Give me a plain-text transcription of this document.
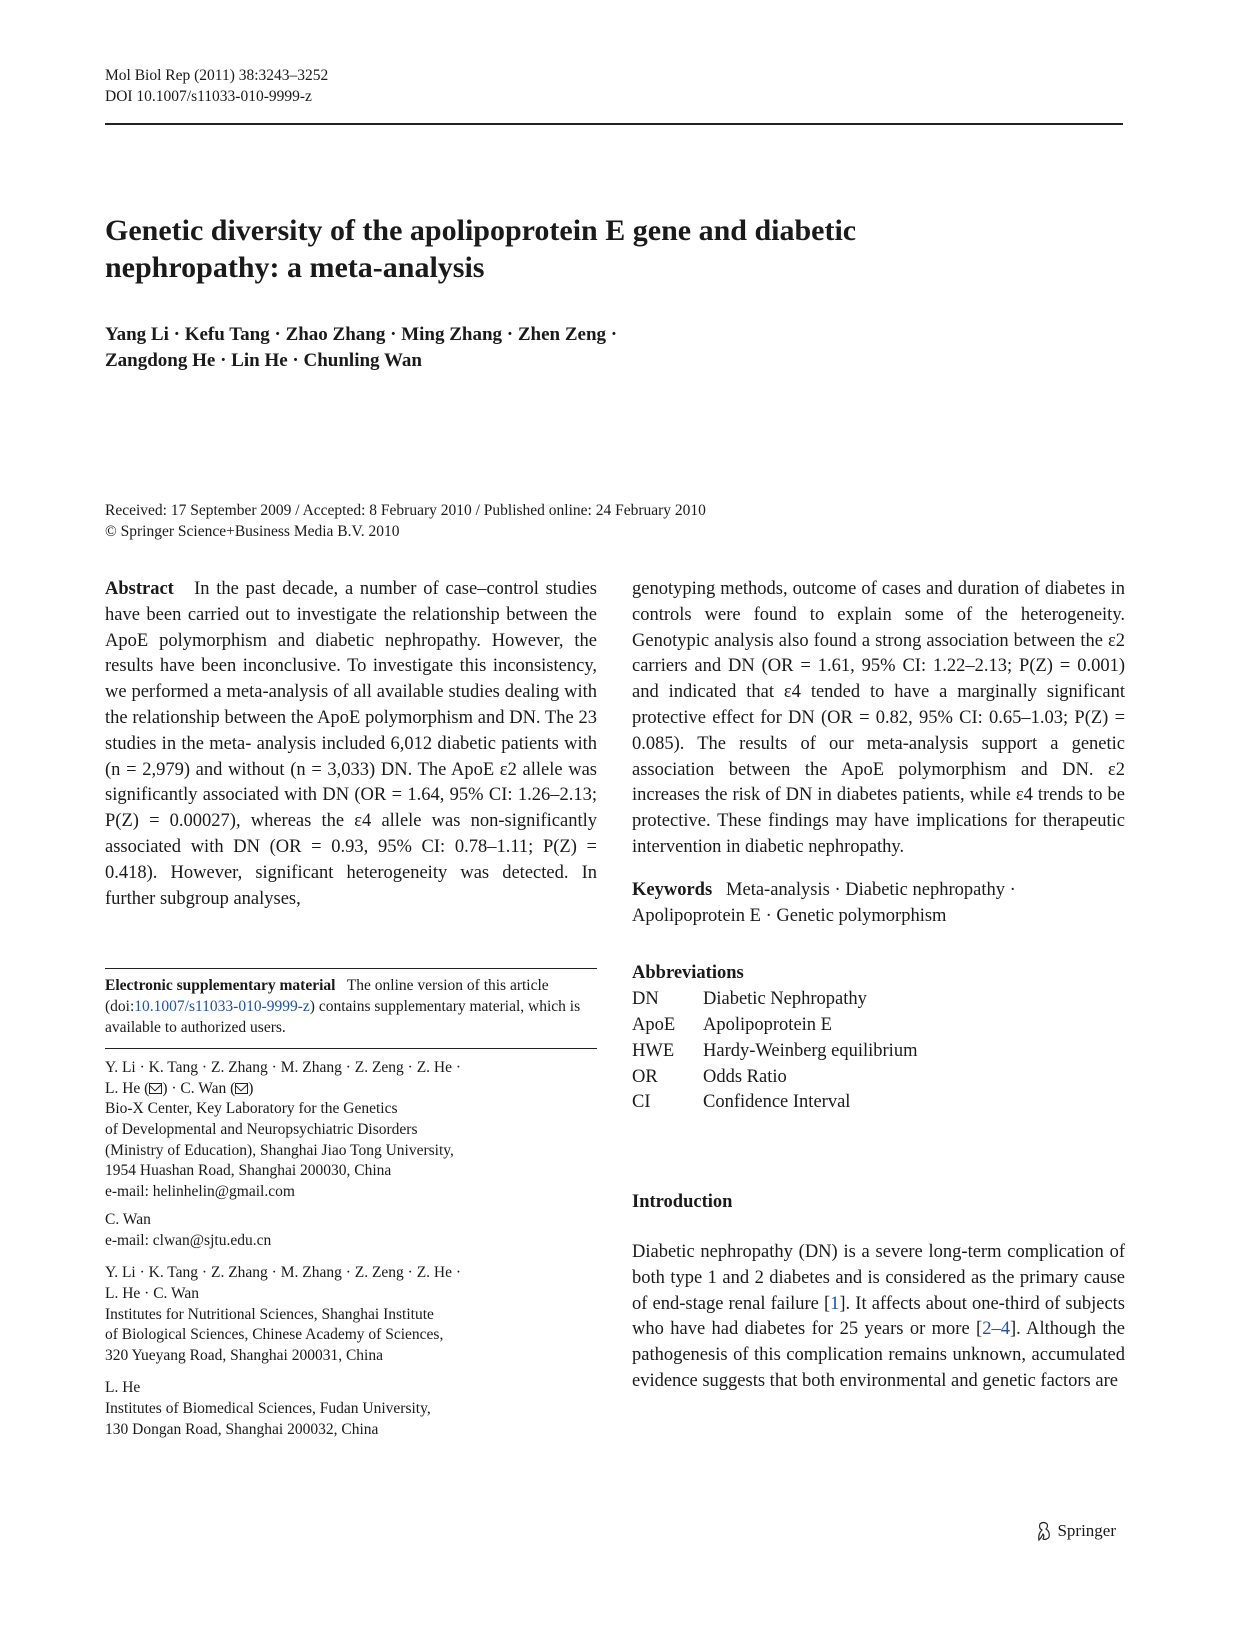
Mol Biol Rep (2011) 38:3243–3252
DOI 10.1007/s11033-010-9999-z
Genetic diversity of the apolipoprotein E gene and diabetic
nephropathy: a meta-analysis
Yang Li · Kefu Tang · Zhao Zhang · Ming Zhang · Zhen Zeng ·
Zangdong He · Lin He · Chunling Wan
Received: 17 September 2009 / Accepted: 8 February 2010 / Published online: 24 February 2010
© Springer Science+Business Media B.V. 2010

Abstract In the past decade, a number of case–control studies have been carried out to investigate the relationship between the ApoE polymorphism and diabetic nephropathy. However, the results have been inconclusive. To investigate this inconsistency, we performed a meta-analysis of all available studies dealing with the relationship between the ApoE polymorphism and DN. The 23 studies in the meta- analysis included 6,012 diabetic patients with (n = 2,979) and without (n = 3,033) DN. The ApoE ε2 allele was significantly associated with DN (OR = 1.64, 95% CI: 1.26–2.13; P(Z) = 0.00027), whereas the ε4 allele was non-significantly associated with DN (OR = 0.93, 95% CI: 0.78–1.11; P(Z) = 0.418). However, significant heterogeneity was detected. In further subgroup analyses,

Electronic supplementary material The online version of this article (doi:10.1007/s11033-010-9999-z) contains supplementary material, which is available to authorized users.

Y. Li · K. Tang · Z. Zhang · M. Zhang · Z. Zeng · Z. He ·

L. He ( ) · C. Wan ( )

Bio-X Center, Key Laboratory for the Genetics

of Developmental and Neuropsychiatric Disorders

(Ministry of Education), Shanghai Jiao Tong University,

1954 Huashan Road, Shanghai 200030, China

e-mail: helinhelin@gmail.com

C. Wan

e-mail: clwan@sjtu.edu.cn

Y. Li · K. Tang · Z. Zhang · M. Zhang · Z. Zeng · Z. He ·

L. He · C. Wan

Institutes for Nutritional Sciences, Shanghai Institute

of Biological Sciences, Chinese Academy of Sciences,

320 Yueyang Road, Shanghai 200031, China

L. He

Institutes of Biomedical Sciences, Fudan University,

130 Dongan Road, Shanghai 200032, China

genotyping methods, outcome of cases and duration of diabetes in controls were found to explain some of the heterogeneity. Genotypic analysis also found a strong association between the ε2 carriers and DN (OR = 1.61, 95% CI: 1.22–2.13; P(Z) = 0.001) and indicated that ε4 tended to have a marginally significant protective effect for DN (OR = 0.82, 95% CI: 0.65–1.03; P(Z) = 0.085). The results of our meta-analysis support a genetic association between the ApoE polymorphism and DN. ε2 increases the risk of DN in diabetes patients, while ε4 trends to be protective. These findings may have implications for therapeutic intervention in diabetic nephropathy.

Keywords Meta-analysis · Diabetic nephropathy · Apolipoprotein E · Genetic polymorphism

Abbreviations
DN	Diabetic Nephropathy
ApoE	Apolipoprotein E
HWE	Hardy-Weinberg equilibrium
OR	Odds Ratio
CI	Confidence Interval
Introduction

Diabetic nephropathy (DN) is a severe long-term complication of both type 1 and 2 diabetes and is considered as the primary cause of end-stage renal failure [1]. It affects about one-third of subjects who have had diabetes for 25 years or more [2–4]. Although the pathogenesis of this complication remains unknown, accumulated evidence suggests that both environmental and genetic factors are

Springer
